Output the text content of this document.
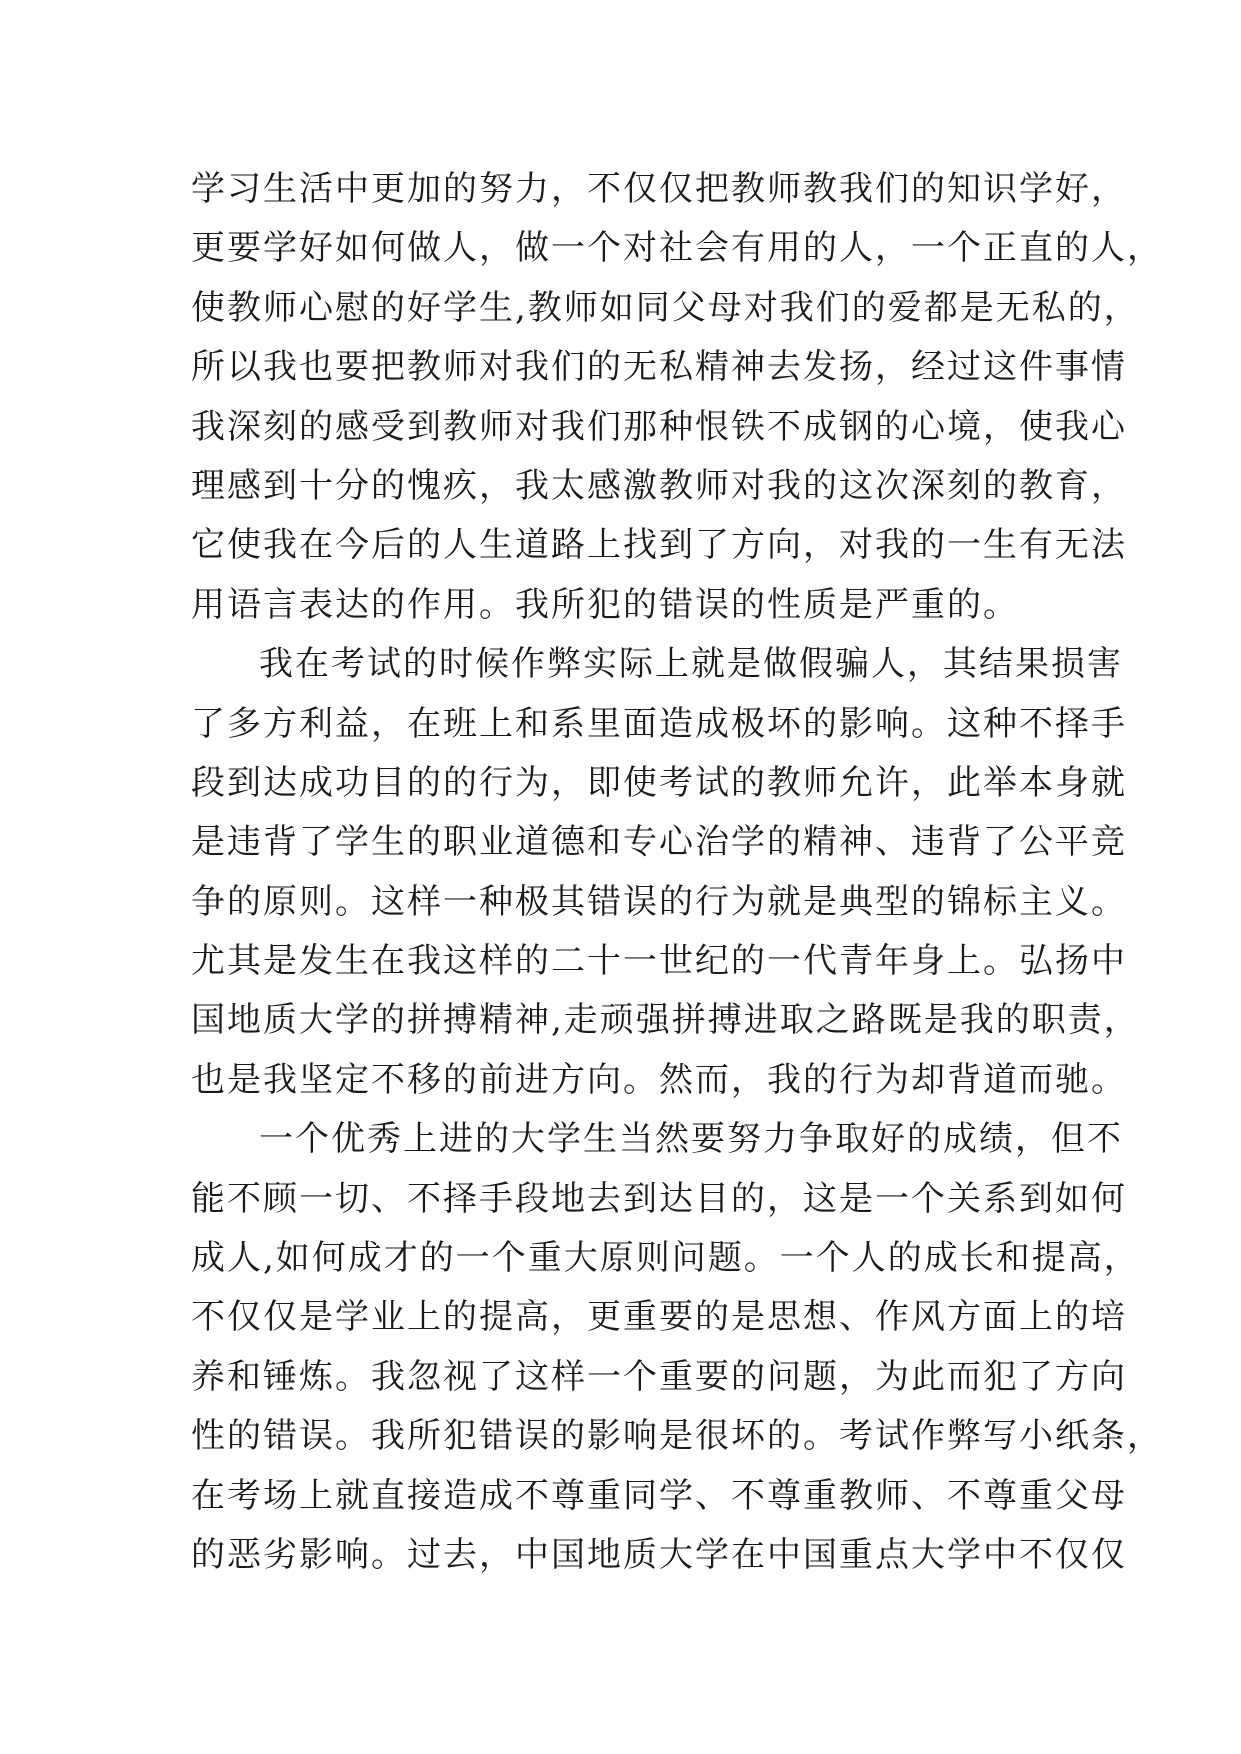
学习生活中更加的努力，不仅仅把教师教我们的知识学好，
更要学好如何做人，做一个对社会有用的人，一个正直的人，
使教师心慰的好学生,教师如同父母对我们的爱都是无私的，
所以我也要把教师对我们的无私精神去发扬，经过这件事情
我深刻的感受到教师对我们那种恨铁不成钢的心境，使我心
理感到十分的愧疚，我太感激教师对我的这次深刻的教育，
它使我在今后的人生道路上找到了方向，对我的一生有无法
用语言表达的作用。我所犯的错误的性质是严重的。
我在考试的时候作弊实际上就是做假骗人，其结果损害
了多方利益，在班上和系里面造成极坏的影响。这种不择手
段到达成功目的的行为，即使考试的教师允许，此举本身就
是违背了学生的职业道德和专心治学的精神、违背了公平竞
争的原则。这样一种极其错误的行为就是典型的锦标主义。
尤其是发生在我这样的二十一世纪的一代青年身上。弘扬中
国地质大学的拼搏精神,走顽强拼搏进取之路既是我的职责，
也是我坚定不移的前进方向。然而，我的行为却背道而驰。
一个优秀上进的大学生当然要努力争取好的成绩，但不
能不顾一切、不择手段地去到达目的，这是一个关系到如何
成人,如何成才的一个重大原则问题。一个人的成长和提高，
不仅仅是学业上的提高，更重要的是思想、作风方面上的培
养和锤炼。我忽视了这样一个重要的问题，为此而犯了方向
性的错误。我所犯错误的影响是很坏的。考试作弊写小纸条，
在考场上就直接造成不尊重同学、不尊重教师、不尊重父母
的恶劣影响。过去，中国地质大学在中国重点大学中不仅仅
